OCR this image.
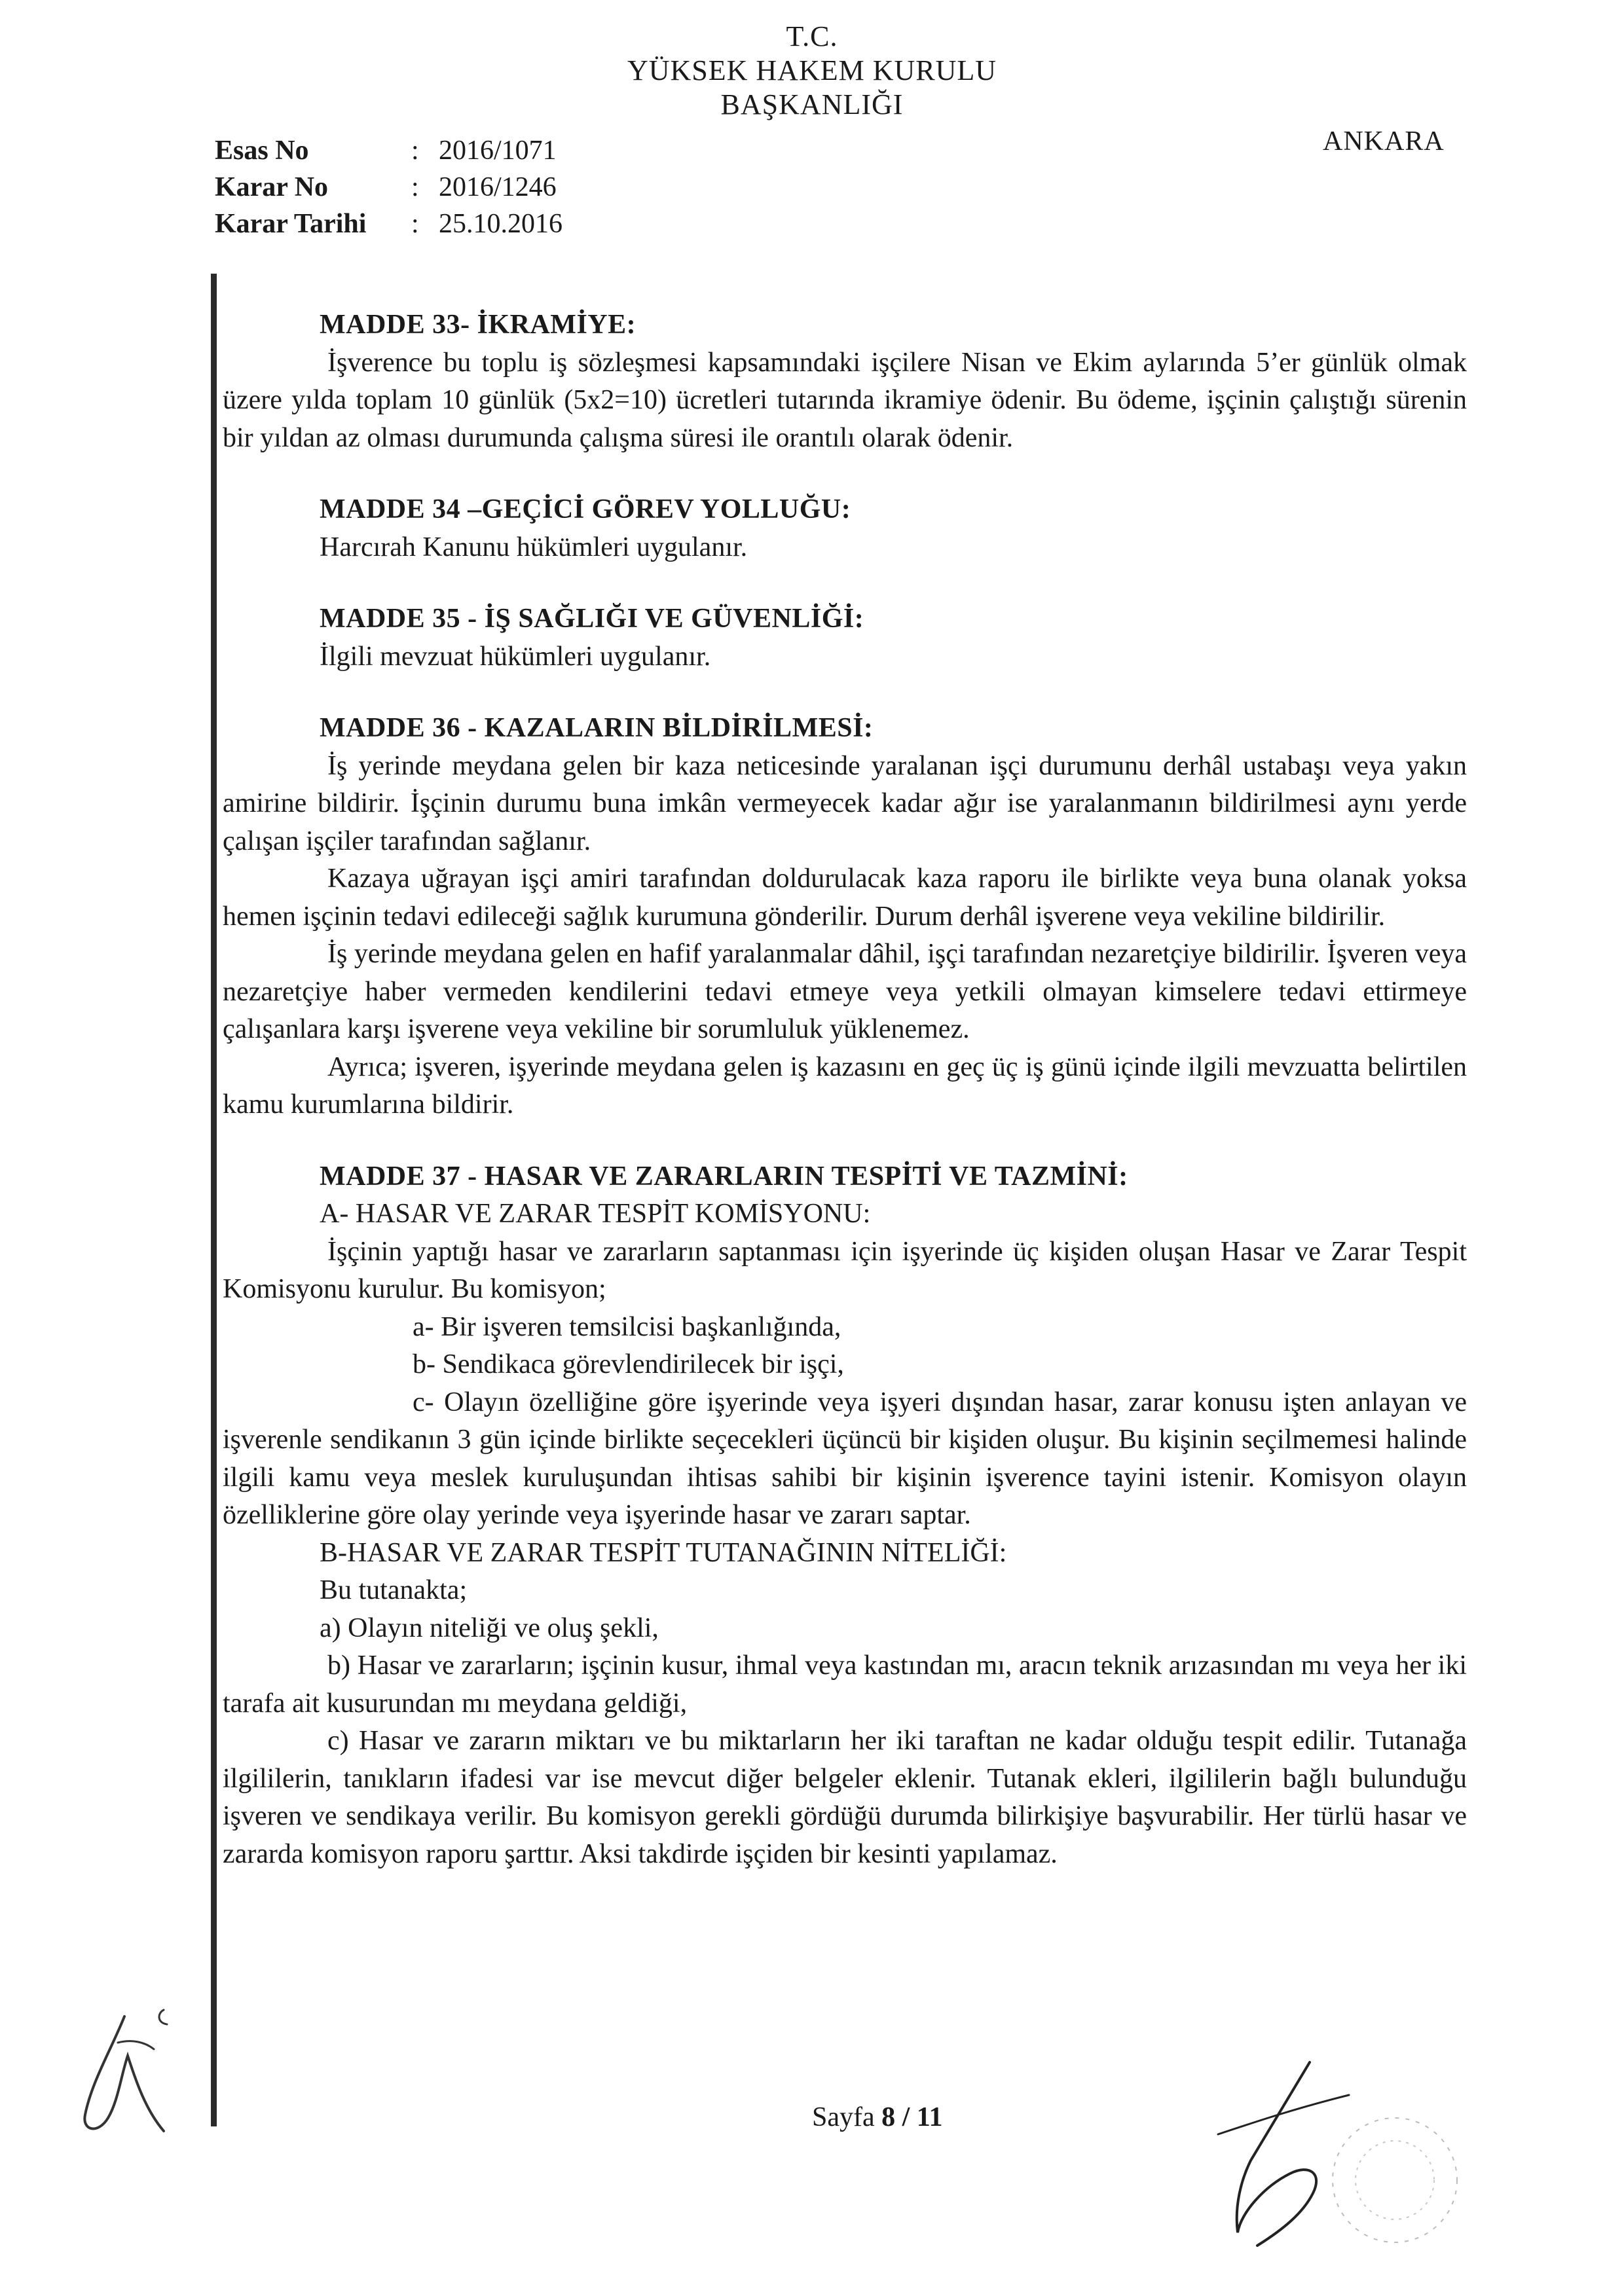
T.C.
YÜKSEK HAKEM KURULU
BAŞKANLIĞI
Esas No	: 2016/1071
Karar No	: 2016/1246
Karar Tarihi	: 25.10.2016
ANKARA

MADDE 33- İKRAMİYE:

İşverence bu toplu iş sözleşmesi kapsamındaki işçilere Nisan ve Ekim aylarında 5’er günlük olmak üzere yılda toplam 10 günlük (5x2=10) ücretleri tutarında ikramiye ödenir. Bu ödeme, işçinin çalıştığı sürenin bir yıldan az olması durumunda çalışma süresi ile orantılı olarak ödenir.

MADDE 34 –GEÇİCİ GÖREV YOLLUĞU:

Harcırah Kanunu hükümleri uygulanır.

MADDE 35 - İŞ SAĞLIĞI VE GÜVENLİĞİ:

İlgili mevzuat hükümleri uygulanır.

MADDE 36 - KAZALARIN BİLDİRİLMESİ:

İş yerinde meydana gelen bir kaza neticesinde yaralanan işçi durumunu derhâl ustabaşı veya yakın amirine bildirir. İşçinin durumu buna imkân vermeyecek kadar ağır ise yaralanmanın bildirilmesi aynı yerde çalışan işçiler tarafından sağlanır.

Kazaya uğrayan işçi amiri tarafından doldurulacak kaza raporu ile birlikte veya buna olanak yoksa hemen işçinin tedavi edileceği sağlık kurumuna gönderilir. Durum derhâl işverene veya vekiline bildirilir.

İş yerinde meydana gelen en hafif yaralanmalar dâhil, işçi tarafından nezaretçiye bildirilir. İşveren veya nezaretçiye haber vermeden kendilerini tedavi etmeye veya yetkili olmayan kimselere tedavi ettirmeye çalışanlara karşı işverene veya vekiline bir sorumluluk yüklenemez.

Ayrıca; işveren, işyerinde meydana gelen iş kazasını en geç üç iş günü içinde ilgili mevzuatta belirtilen kamu kurumlarına bildirir.

MADDE 37 - HASAR VE ZARARLARIN TESPİTİ VE TAZMİNİ:

A- HASAR VE ZARAR TESPİT KOMİSYONU:

İşçinin yaptığı hasar ve zararların saptanması için işyerinde üç kişiden oluşan Hasar ve Zarar Tespit Komisyonu kurulur. Bu komisyon;

a- Bir işveren temsilcisi başkanlığında,

b- Sendikaca görevlendirilecek bir işçi,

c- Olayın özelliğine göre işyerinde veya işyeri dışından hasar, zarar konusu işten anlayan ve işverenle sendikanın 3 gün içinde birlikte seçecekleri üçüncü bir kişiden oluşur. Bu kişinin seçilmemesi halinde ilgili kamu veya meslek kuruluşundan ihtisas sahibi bir kişinin işverence tayini istenir. Komisyon olayın özelliklerine göre olay yerinde veya işyerinde hasar ve zararı saptar.

B-HASAR VE ZARAR TESPİT TUTANAĞININ NİTELİĞİ:

Bu tutanakta;

a) Olayın niteliği ve oluş şekli,

b) Hasar ve zararların; işçinin kusur, ihmal veya kastından mı, aracın teknik arızasından mı veya her iki tarafa ait kusurundan mı meydana geldiği,

c) Hasar ve zararın miktarı ve bu miktarların her iki taraftan ne kadar olduğu tespit edilir. Tutanağa ilgililerin, tanıkların ifadesi var ise mevcut diğer belgeler eklenir. Tutanak ekleri, ilgililerin bağlı bulunduğu işveren ve sendikaya verilir. Bu komisyon gerekli gördüğü durumda bilirkişiye başvurabilir. Her türlü hasar ve zararda komisyon raporu şarttır. Aksi takdirde işçiden bir kesinti yapılamaz.

Sayfa 8 / 11
